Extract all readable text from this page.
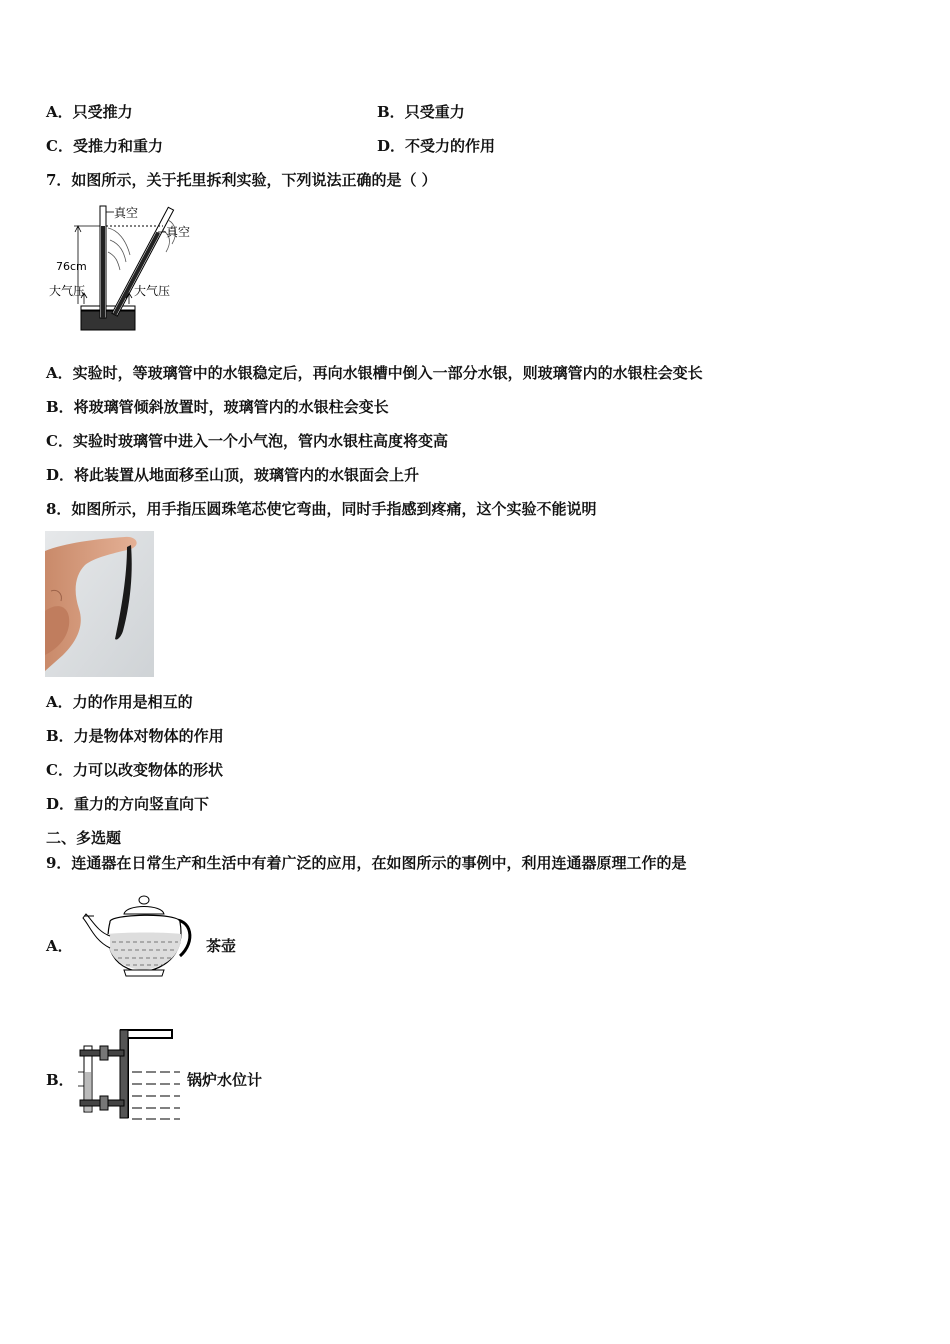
A．只受推力	B．只受重力
C．受推力和重力	D．不受力的作用
7．如图所示，关于托里拆利实验，下列说法正确的是（ ）
真空
真空
76cm
大气压	大气压
A．实验时，等玻璃管中的水银稳定后，再向水银槽中倒入一部分水银，则玻璃管内的水银柱会变长
B．将玻璃管倾斜放置时，玻璃管内的水银柱会变长
C．实验时玻璃管中进入一个小气泡，管内水银柱高度将变高
D．将此装置从地面移至山顶，玻璃管内的水银面会上升
8．如图所示，用手指压圆珠笔芯使它弯曲，同时手指感到疼痛，这个实验不能说明
A．力的作用是相互的
B．力是物体对物体的作用
C．力可以改变物体的形状
D．重力的方向竖直向下
二、多选题
9．连通器在日常生产和生活中有着广泛的应用，在如图所示的事例中，利用连通器原理工作的是
A．	茶壶
B．	锅炉水位计
